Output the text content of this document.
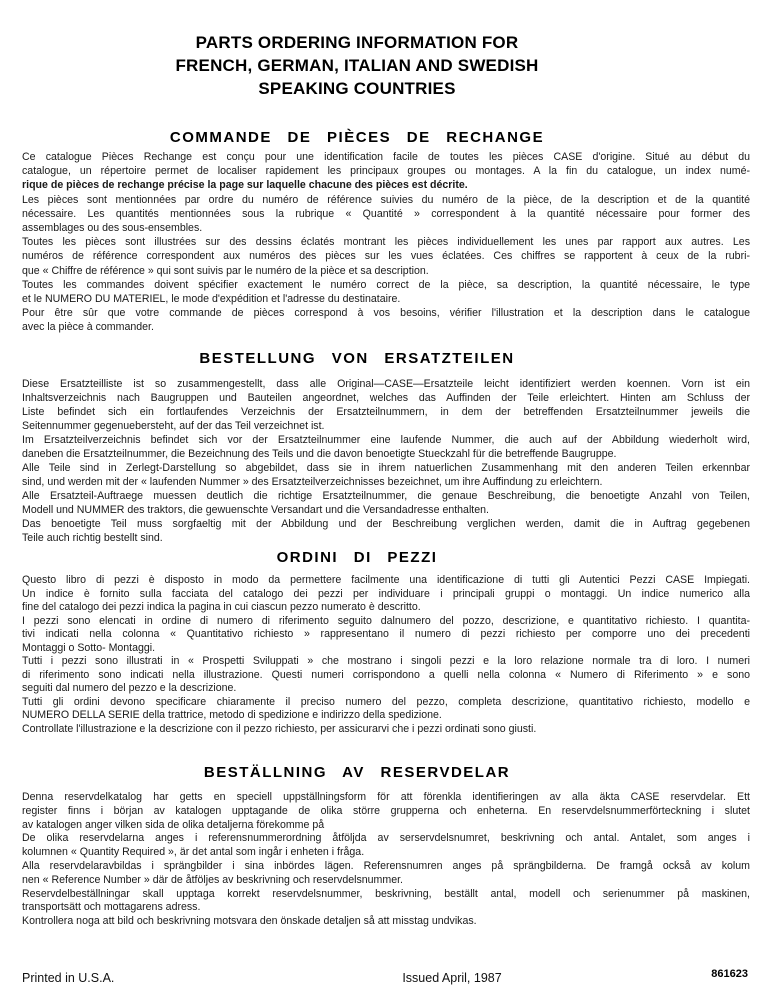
PARTS ORDERING INFORMATION FOR
FRENCH, GERMAN, ITALIAN AND SWEDISH
SPEAKING COUNTRIES
COMMANDE DE PIÈCES DE RECHANGE
Ce catalogue Pièces Rechange est conçu pour une identification facile de toutes les pièces CASE d'origine. Situé au début du
catalogue, un répertoire permet de localiser rapidement les principaux groupes ou montages. A la fin du catalogue, un index numé-
rique de pièces de rechange précise la page sur laquelle chacune des pièces est décrite.
Les pièces sont mentionnées par ordre du numéro de référence suivies du numéro de la pièce, de la description et de la quantité
nécessaire. Les quantités mentionnées sous la rubrique « Quantité » correspondent à la quantité nécessaire pour former des
assemblages ou des sous-ensembles.
Toutes les pièces sont illustrées sur des dessins éclatés montrant les pièces individuellement les unes par rapport aux autres. Les
numéros de référence correspondent aux numéros des pièces sur les vues éclatées. Ces chiffres se rapportent à ceux de la rubri-
que « Chiffre de référence » qui sont suivis par le numéro de la pièce et sa description.
Toutes les commandes doivent spécifier exactement le numéro correct de la pièce, sa description, la quantité nécessaire, le type
et le NUMERO DU MATERIEL, le mode d'expédition et l'adresse du destinataire.
Pour être sûr que votre commande de pièces correspond à vos besoins, vérifier l'illustration et la description dans le catalogue
avec la pièce à commander.
BESTELLUNG VON ERSATZTEILEN
Diese Ersatzteilliste ist so zusammengestellt, dass alle Original—CASE—Ersatzteile leicht identifiziert werden koennen. Vorn ist ein
Inhaltsverzeichnis nach Baugruppen und Bauteilen angeordnet, welches das Auffinden der Teile erleichtert. Hinten am Schluss der
Liste befindet sich ein fortlaufendes Verzeichnis der Ersatzteilnummern, in dem der betreffenden Ersatzteilnummer jeweils die
Seitennummer gegenuebersteht, auf der das Teil verzeichnet ist.
Im Ersatzteilverzeichnis befindet sich vor der Ersatzteilnummer eine laufende Nummer, die auch auf der Abbildung wiederholt wird,
daneben die Ersatzteilnummer, die Bezeichnung des Teils und die davon benoetigte Stueckzahl für die betreffende Baugruppe.
Alle Teile sind in Zerlegt-Darstellung so abgebildet, dass sie in ihrem natuerlichen Zusammenhang mit den anderen Teilen erkennbar
sind, und werden mit der « laufenden Nummer » des Ersatzteilverzeichnisses bezeichnet, um ihre Auffindung zu erleichtern.
Alle Ersatzteil-Auftraege muessen deutlich die richtige Ersatzteilnummer, die genaue Beschreibung, die benoetigte Anzahl von Teilen,
Modell und NUMMER des traktors, die gewuenschte Versandart und die Versandadresse enthalten.
Das benoetigte Teil muss sorgfaeltig mit der Abbildung und der Beschreibung verglichen werden, damit die in Auftrag gegebenen
Teile auch richtig bestellt sind.
ORDINI DI PEZZI
Questo libro di pezzi è disposto in modo da permettere facilmente una identificazione di tutti gli Autentici Pezzi CASE Impiegati.
Un indice è fornito sulla facciata del catalogo dei pezzi per individuare i principali gruppi o montaggi. Un indice numerico alla
fine del catalogo dei pezzi indica la pagina in cui ciascun pezzo numerato è descritto.
I pezzi sono elencati in ordine di numero di riferimento seguito dalnumero del pozzo, descrizione, e quantitativo richiesto. I quantita-
tivi indicati nella colonna « Quantitativo richiesto » rappresentano il numero di pezzi richiesto per comporre uno dei precedenti
Montaggi o Sotto- Montaggi.
Tutti i pezzi sono illustrati in « Prospetti Sviluppati » che mostrano i singoli pezzi e la loro relazione normale tra di loro. I numeri
di riferimento sono indicati nella illustrazione. Questi numeri corrispondono a quelli nella colonna « Numero di Riferimento » e sono
seguiti dal numero del pezzo e la descrizione.
Tutti gli ordini devono specificare chiaramente il preciso numero del pezzo, completa descrizione, quantitativo richiesto, modello e
NUMERO DELLA SERIE della trattrice, metodo di spedizione e indirizzo della spedizione.
Controllate l'illustrazione e la descrizione con il pezzo richiesto, per assicurarvi che i pezzi ordinati sono giusti.
BESTÄLLNING AV RESERVDELAR
Denna reservdelkatalog har getts en speciell uppställningsform för att förenkla identifieringen av alla äkta CASE reservdelar. Ett
register finns i början av katalogen upptagande de olika större grupperna och enheterna. En reservdelsnummerförteckning i slutet
av katalogen anger vilken sida de olika detaljerna förekomme på
De olika reservdelarna anges i referensnummerordning åtföljda av serservdelsnumret, beskrivning och antal. Antalet, som anges i
kolumnen « Quantity Required », är det antal som ingår i enheten i fråga.
Alla reservdelaravbildas i sprängbilder i sina inbördes lägen. Referensnumren anges på sprängbilderna. De framgå också av kolum
nen « Reference Number » där de åtföljes av beskrivning och reservdelsnummer.
Reservdelbeställningar skall upptaga korrekt reservdelsnummer, beskrivning, beställt antal, modell och serienummer på maskinen,
transportsätt och mottagarens adress.
Kontrollera noga att bild och beskrivning motsvara den önskade detaljen så att misstag undvikas.
Printed in U.S.A.	Issued April, 1987	861623
